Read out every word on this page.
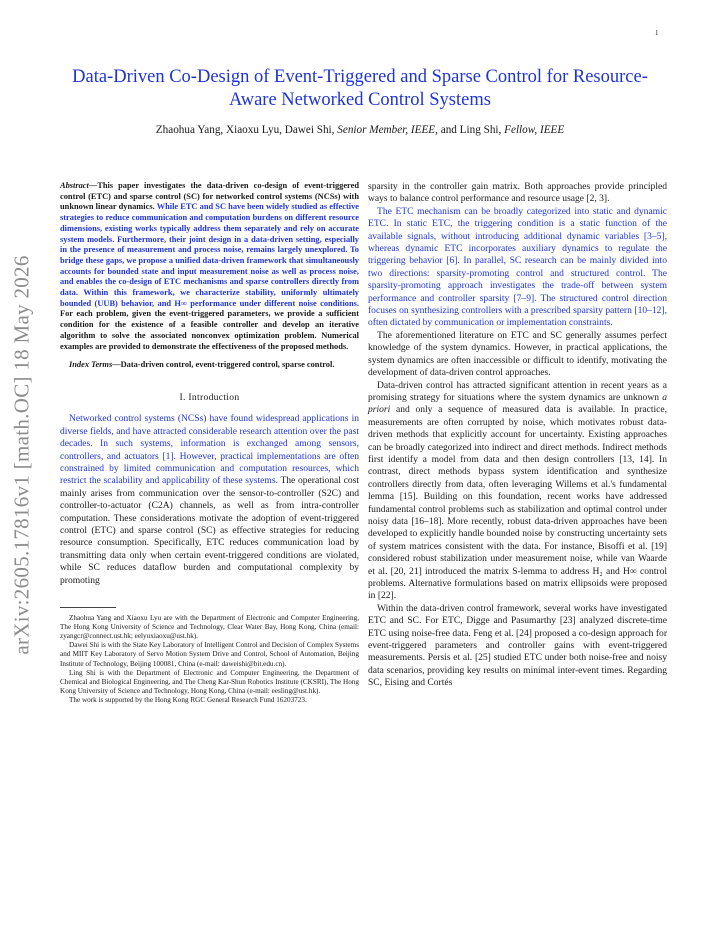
1
arXiv:2605.17816v1 [math.OC] 18 May 2026
Data-Driven Co-Design of Event-Triggered and Sparse Control for Resource-Aware Networked Control Systems
Zhaohua Yang, Xiaoxu Lyu, Dawei Shi, Senior Member, IEEE, and Ling Shi, Fellow, IEEE

Abstract—This paper investigates the data-driven co-design of event-triggered control (ETC) and sparse control (SC) for networked control systems (NCSs) with unknown linear dynamics. While ETC and SC have been widely studied as effective strategies to reduce communication and computation burdens on different resource dimensions, existing works typically address them separately and rely on accurate system models. Furthermore, their joint design in a data-driven setting, especially in the presence of measurement and process noise, remains largely unexplored. To bridge these gaps, we propose a unified data-driven framework that simultaneously accounts for bounded state and input measurement noise as well as process noise, and enables the co-design of ETC mechanisms and sparse controllers directly from data. Within this framework, we characterize stability, uniformly ultimately bounded (UUB) behavior, and H∞ performance under different noise conditions. For each problem, given the event-triggered parameters, we provide a sufficient condition for the existence of a feasible controller and develop an iterative algorithm to solve the associated nonconvex optimization problem. Numerical examples are provided to demonstrate the effectiveness of the proposed methods.

Index Terms—Data-driven control, event-triggered control, sparse control.

I. Introduction

Networked control systems (NCSs) have found widespread applications in diverse fields, and have attracted considerable research attention over the past decades. In such systems, information is exchanged among sensors, controllers, and actuators [1]. However, practical implementations are often constrained by limited communication and computation resources, which restrict the scalability and applicability of these systems. The operational cost mainly arises from communication over the sensor-to-controller (S2C) and controller-to-actuator (C2A) channels, as well as from intra-controller computation. These considerations motivate the adoption of event-triggered control (ETC) and sparse control (SC) as effective strategies for reducing resource consumption. Specifically, ETC reduces communication load by transmitting data only when certain event-triggered conditions are violated, while SC reduces dataflow burden and computational complexity by promoting

Zhaohua Yang and Xiaoxu Lyu are with the Department of Electronic and Computer Engineering, The Hong Kong University of Science and Technology, Clear Water Bay, Hong Kong, China (email: zyangcr@connect.ust.hk; eelyuxiaoxu@ust.hk).

Dawei Shi is with the State Key Laboratory of Intelligent Control and Decision of Complex Systems and MIIT Key Laboratory of Servo Motion System Drive and Control, School of Automation, Beijing Institute of Technology, Beijing 100081, China (e-mail: daweishi@bit.edu.cn).

Ling Shi is with the Department of Electronic and Computer Engineering, the Department of Chemical and Biological Engineering, and The Cheng Kar-Shun Robotics Institute (CKSRI), The Hong Kong University of Science and Technology, Hong Kong, China (e-mail: eesling@ust.hk).

The work is supported by the Hong Kong RGC General Research Fund 16203723.

sparsity in the controller gain matrix. Both approaches provide principled ways to balance control performance and resource usage [2, 3].

The ETC mechanism can be broadly categorized into static and dynamic ETC. In static ETC, the triggering condition is a static function of the available signals, without introducing additional dynamic variables [3–5], whereas dynamic ETC incorporates auxiliary dynamics to regulate the triggering behavior [6]. In parallel, SC research can be mainly divided into two directions: sparsity-promoting control and structured control. The sparsity-promoting approach investigates the trade-off between system performance and controller sparsity [7–9]. The structured control direction focuses on synthesizing controllers with a prescribed sparsity pattern [10–12], often dictated by communication or implementation constraints.

The aforementioned literature on ETC and SC generally assumes perfect knowledge of the system dynamics. However, in practical applications, the system dynamics are often inaccessible or difficult to identify, motivating the development of data-driven control approaches.

Data-driven control has attracted significant attention in recent years as a promising strategy for situations where the system dynamics are unknown a priori and only a sequence of measured data is available. In practice, measurements are often corrupted by noise, which motivates robust data-driven methods that explicitly account for uncertainty. Existing approaches can be broadly categorized into indirect and direct methods. Indirect methods first identify a model from data and then design controllers [13, 14]. In contrast, direct methods bypass system identification and synthesize controllers directly from data, often leveraging Willems et al.'s fundamental lemma [15]. Building on this foundation, recent works have addressed fundamental control problems such as stabilization and optimal control under noisy data [16–18]. More recently, robust data-driven approaches have been developed to explicitly handle bounded noise by constructing uncertainty sets of system matrices consistent with the data. For instance, Bisoffi et al. [19] considered robust stabilization under measurement noise, while van Waarde et al. [20, 21] introduced the matrix S-lemma to address H₂ and H∞ control problems. Alternative formulations based on matrix ellipsoids were proposed in [22].

Within the data-driven control framework, several works have investigated ETC and SC. For ETC, Digge and Pasumarthy [23] analyzed discrete-time ETC using noise-free data. Feng et al. [24] proposed a co-design approach for event-triggered parameters and controller gains with event-triggered measurements. Persis et al. [25] studied ETC under both noise-free and noisy data scenarios, providing key results on minimal inter-event times. Regarding SC, Eising and Cortés
